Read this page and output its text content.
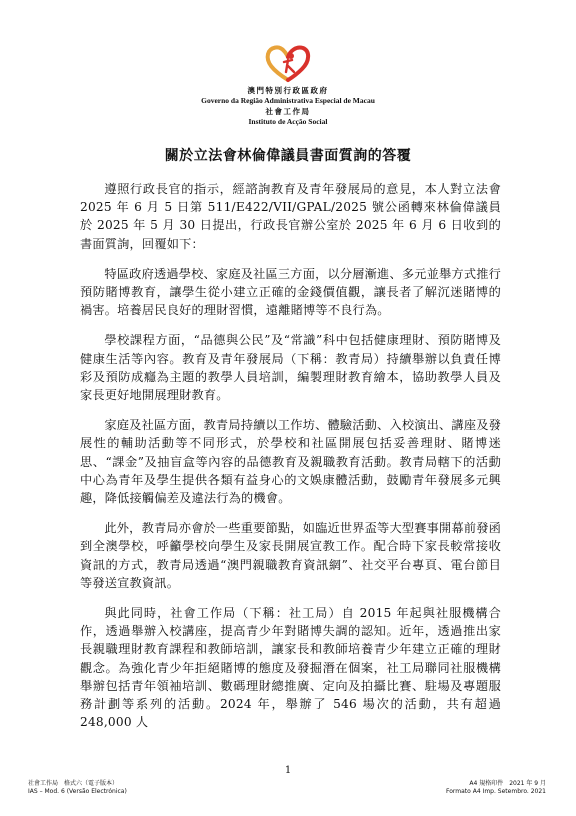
澳門特別行政區政府
Governo da Região Administrativa Especial de Macau
社會工作局
Instituto de Acção Social
關於立法會林倫偉議員書面質詢的答覆

遵照行政長官的指示，經諮詢教育及青年發展局的意見，本人對立法會 2025 年 6 月 5 日第 511/E422/VII/GPAL/2025 號公函轉來林倫偉議員於 2025 年 5 月 30 日提出，行政長官辦公室於 2025 年 6 月 6 日收到的書面質詢，回覆如下：

特區政府透過學校、家庭及社區三方面，以分層漸進、多元並舉方式推行預防賭博教育，讓學生從小建立正確的金錢價值觀，讓長者了解沉迷賭博的禍害。培養居民良好的理財習慣，遠離賭博等不良行為。

學校課程方面，“品德與公民”及“常識”科中包括健康理財、預防賭博及健康生活等內容。教育及青年發展局（下稱：教青局）持續舉辦以負責任博彩及預防成癮為主題的教學人員培訓，編製理財教育繪本，協助教學人員及家長更好地開展理財教育。

家庭及社區方面，教青局持續以工作坊、體驗活動、入校演出、講座及發展性的輔助活動等不同形式，於學校和社區開展包括妥善理財、賭博迷思、“課金”及抽盲盒等內容的品德教育及親職教育活動。教青局轄下的活動中心為青年及學生提供各類有益身心的文娛康體活動，鼓勵青年發展多元興趣，降低接觸偏差及違法行為的機會。

此外，教青局亦會於一些重要節點，如臨近世界盃等大型賽事開幕前發函到全澳學校，呼籲學校向學生及家長開展宣教工作。配合時下家長較常接收資訊的方式，教青局透過“澳門親職教育資訊網”、社交平台專頁、電台節目等發送宣教資訊。

與此同時，社會工作局（下稱：社工局）自 2015 年起與社服機構合作，透過舉辦入校講座，提高青少年對賭博失調的認知。近年，透過推出家長親職理財教育課程和教師培訓，讓家長和教師培養青少年建立正確的理財觀念。為強化青少年拒絕賭博的態度及發掘潛在個案，社工局聯同社服機構舉辦包括青年領袖培訓、數碼理財總推廣、定向及拍攝比賽、駐場及專題服務計劃等系列的活動。2024 年，舉辦了 546 場次的活動，共有超過 248,000 人

1
社會工作局　格式六（電子版本）
IAS – Mod. 6 (Versão Electrónica)
A4 規格印件　2021 年 9 月
Formato A4 Imp. Setembro. 2021
